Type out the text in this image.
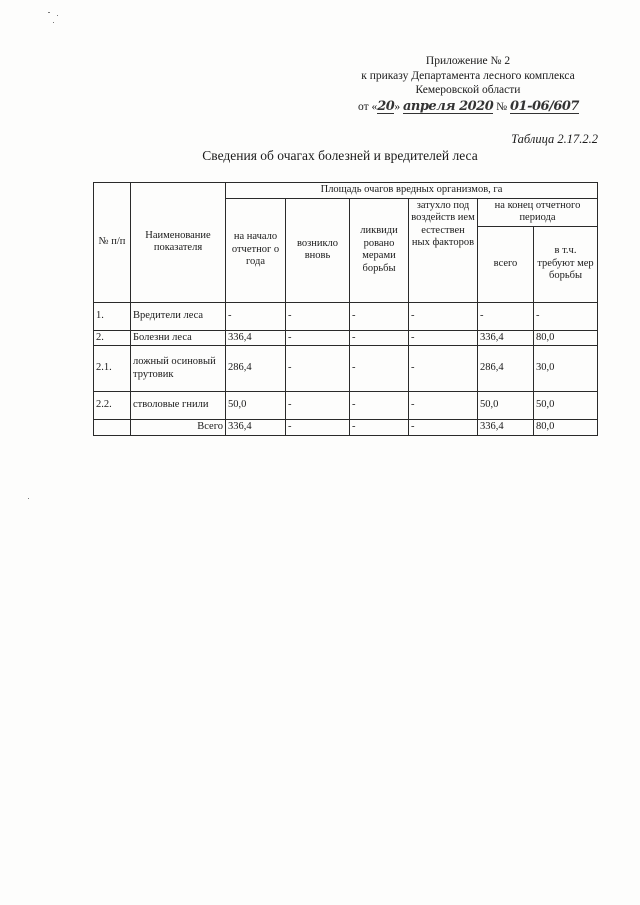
Приложение № 2
к приказу Департамента лесного комплекса
Кемеровской области
от «20» апреля 2020 № 01-06/607
Таблица 2.17.2.2
Сведения об очагах болезней и вредителей леса
№ п/п	Наименование показателя	Площадь очагов вредных организмов, га					
		на начало отчетног о года	возникло вновь	ликвиди ровано мерами борьбы	затухло под воздейств ием естествен ных факторов	на конец отчетного периода	
						всего	в т.ч. требуют мер борьбы
1.	Вредители леса	-	-	-	-	-	-
2.	Болезни леса	336,4	-	-	-	336,4	80,0
2.1.	ложный осиновый трутовик	286,4	-	-	-	286,4	30,0
2.2.	стволовые гнили	50,0	-	-	-	50,0	50,0
	Всего	336,4	-	-	-	336,4	80,0
